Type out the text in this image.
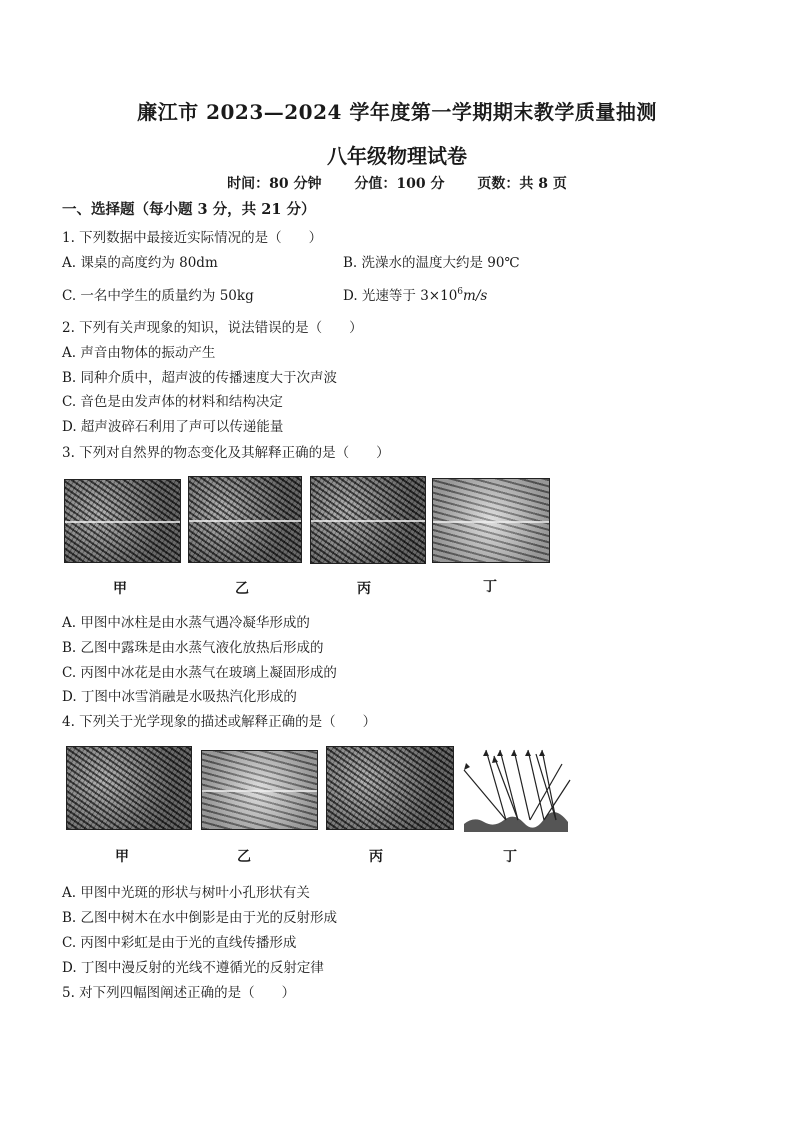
廉江市 2023—2024 学年度第一学期期末教学质量抽测
八年级物理试卷
时间：80 分钟 分值：100 分 页数：共 8 页
一、选择题（每小题 3 分，共 21 分）
1. 下列数据中最接近实际情况的是（　　）
A. 课桌的高度约为 80dm	B. 洗澡水的温度大约是 90℃
C. 一名中学生的质量约为 50kg	D. 光速等于 $3\times 10^6m/s$
2. 下列有关声现象的知识，说法错误的是（　　）
A. 声音由物体的振动产生
B. 同种介质中，超声波的传播速度大于次声波
C. 音色是由发声体的材料和结构决定
D. 超声波碎石利用了声可以传递能量
3. 下列对自然界的物态变化及其解释正确的是（　　）
甲	乙	丙	丁
A. 甲图中冰柱是由水蒸气遇冷凝华形成的
B. 乙图中露珠是由水蒸气液化放热后形成的
C. 丙图中冰花是由水蒸气在玻璃上凝固形成的
D. 丁图中冰雪消融是水吸热汽化形成的
4. 下列关于光学现象的描述或解释正确的是（　　）
甲	乙	丙	丁
A. 甲图中光斑的形状与树叶小孔形状有关
B. 乙图中树木在水中倒影是由于光的反射形成
C. 丙图中彩虹是由于光的直线传播形成
D. 丁图中漫反射的光线不遵循光的反射定律
5. 对下列四幅图阐述正确的是（　　）
